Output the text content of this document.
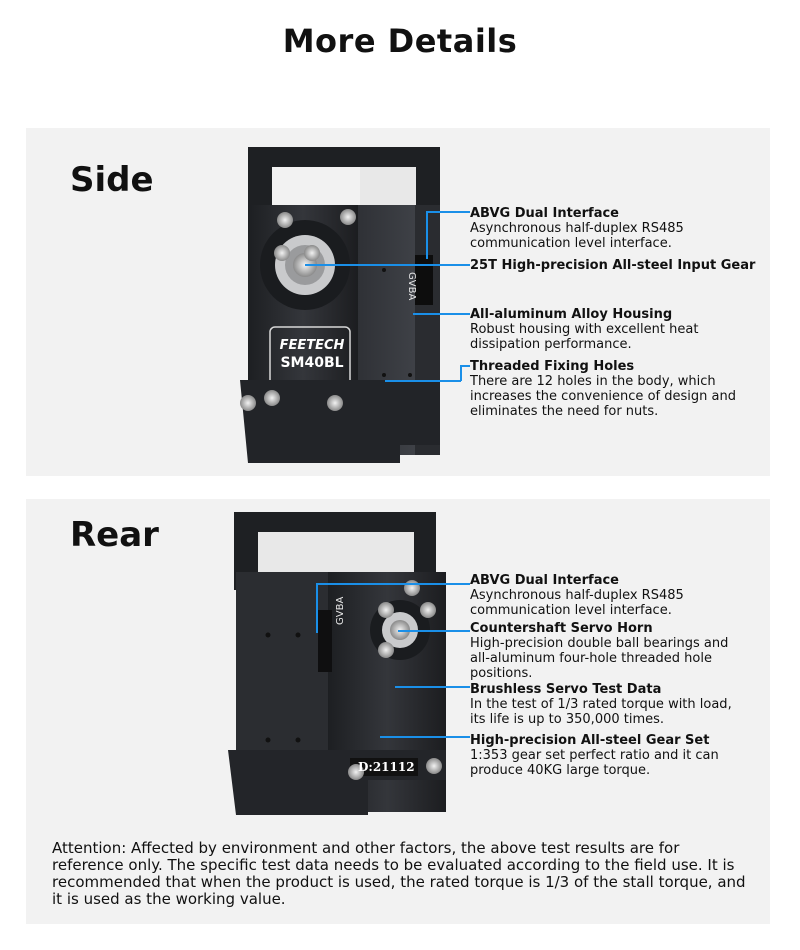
More Details
Side
FEETECH
SM40BL
GVBA
ABVG Dual Interface
Asynchronous half-duplex RS485
communication level interface.
25T High-precision All-steel Input Gear
All-aluminum Alloy Housing
Robust housing with excellent heat
dissipation performance.
Threaded Fixing Holes
There are 12 holes in the body, which
increases the convenience of design and
eliminates the need for nuts.
Rear
GVBA
D:21112
ABVG Dual Interface
Asynchronous half-duplex RS485
communication level interface.
Countershaft Servo Horn
High-precision double ball bearings and
all-aluminum four-hole threaded hole
positions.
Brushless Servo Test Data
In the test of 1/3 rated torque with load,
its life is up to 350,000 times.
High-precision All-steel Gear Set
1:353 gear set perfect ratio and it can
produce 40KG large torque.
Attention: Affected by environment and other factors, the above test results are for reference only. The specific test data needs to be evaluated according to the field use. It is recommended that when the product is used, the rated torque is 1/3 of the stall torque, and it is used as the working value.
